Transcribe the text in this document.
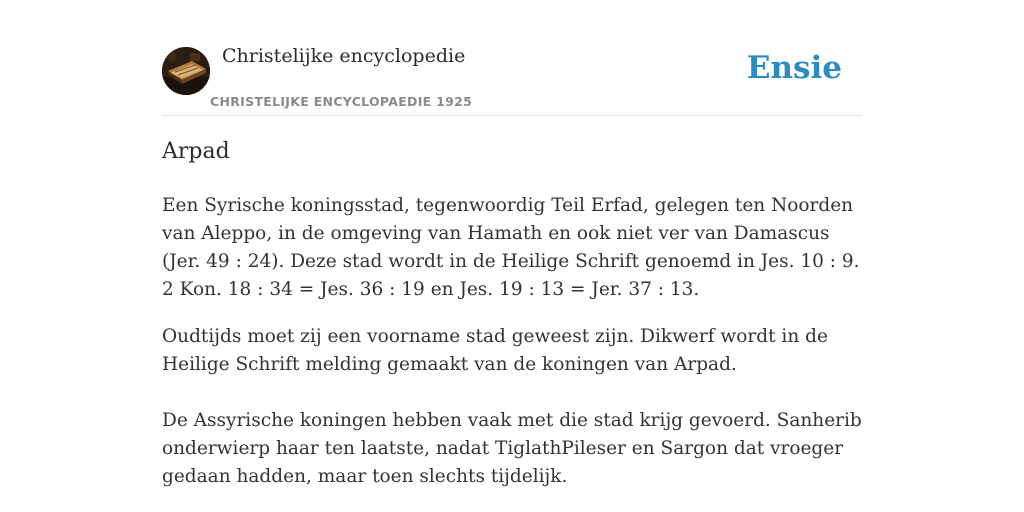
Christelijke encyclopedie
CHRISTELIJKE ENCYCLOPAEDIE 1925
Ensie
Arpad

Een Syrische koningsstad, tegenwoordig Teil Erfad, gelegen ten Noorden van Aleppo, in de omgeving van Hamath en ook niet ver van Damascus (Jer. 49 : 24). Deze stad wordt in de Heilige Schrift genoemd in Jes. 10 : 9. 2 Kon. 18 : 34 = Jes. 36 : 19 en Jes. 19 : 13 = Jer. 37 : 13.

Oudtijds moet zij een voorname stad geweest zijn. Dikwerf wordt in de Heilige Schrift melding gemaakt van de koningen van Arpad.

De Assyrische koningen hebben vaak met die stad krijg gevoerd. Sanherib onderwierp haar ten laatste, nadat TiglathPileser en Sargon dat vroeger gedaan hadden, maar toen slechts tijdelijk.
